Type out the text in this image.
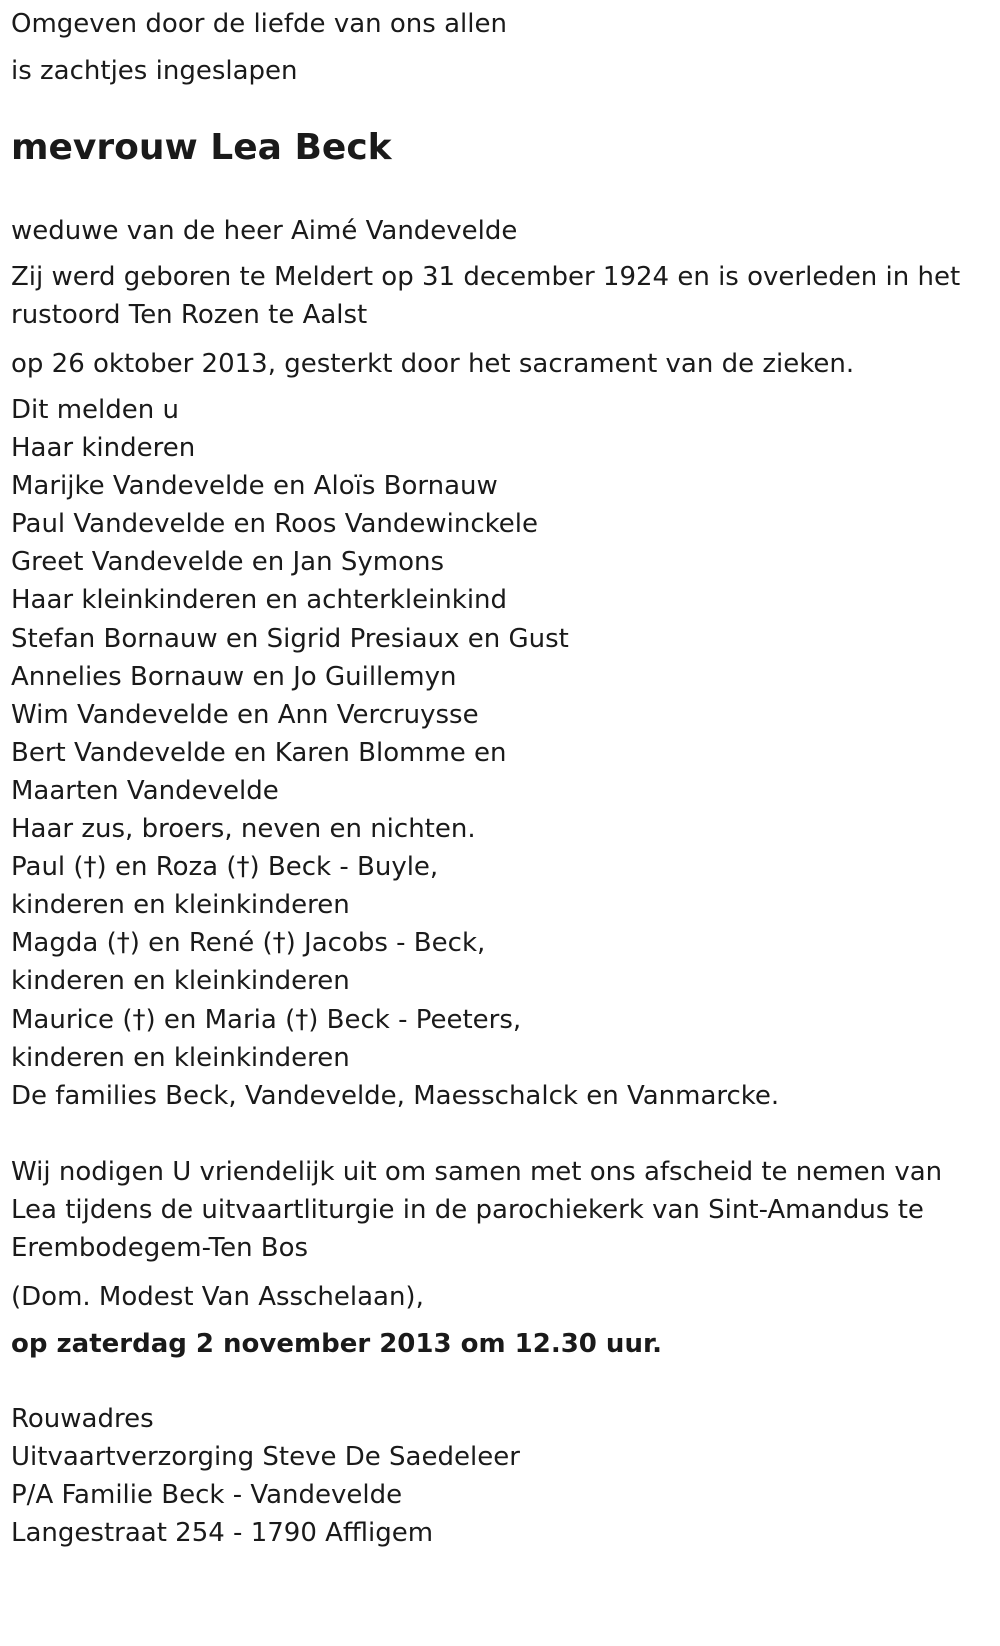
Omgeven door de liefde van ons allen

is zachtjes ingeslapen

mevrouw Lea Beck

weduwe van de heer Aimé Vandevelde

Zij werd geboren te Meldert op 31 december 1924 en is overleden in het rustoord Ten Rozen te Aalst

op 26 oktober 2013, gesterkt door het sacrament van de zieken.

Dit melden u

Haar kinderen

Marijke Vandevelde en Aloïs Bornauw

Paul Vandevelde en Roos Vandewinckele

Greet Vandevelde en Jan Symons

Haar kleinkinderen en achterkleinkind

Stefan Bornauw en Sigrid Presiaux en Gust

Annelies Bornauw en Jo Guillemyn

Wim Vandevelde en Ann Vercruysse

Bert Vandevelde en Karen Blomme en

Maarten Vandevelde

Haar zus, broers, neven en nichten.

Paul (†) en Roza (†) Beck - Buyle,

kinderen en kleinkinderen

Magda (†) en René (†) Jacobs - Beck,

kinderen en kleinkinderen

Maurice (†) en Maria (†) Beck - Peeters,

kinderen en kleinkinderen

De families Beck, Vandevelde, Maesschalck en Vanmarcke.

Wij nodigen U vriendelijk uit om samen met ons afscheid te nemen van Lea tijdens de uitvaartliturgie in de parochiekerk van Sint-Amandus te Erembodegem-Ten Bos

(Dom. Modest Van Asschelaan),

op zaterdag 2 november 2013 om 12.30 uur.

Rouwadres

Uitvaartverzorging Steve De Saedeleer

P/A Familie Beck - Vandevelde

Langestraat 254 - 1790 Affligem
